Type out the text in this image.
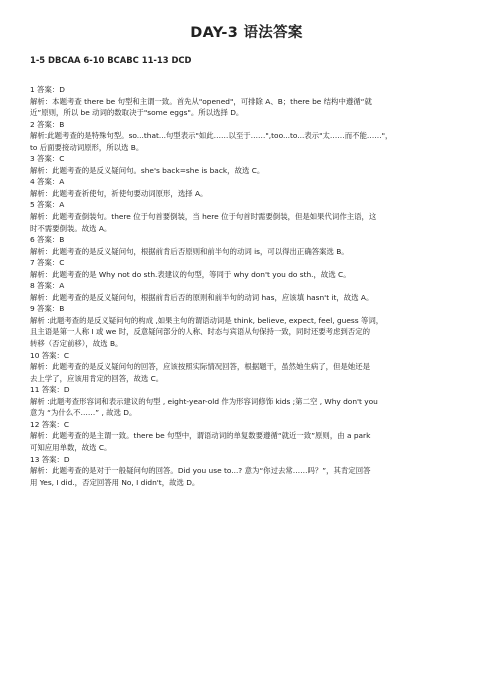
DAY-3 语法答案
1-5 DBCAA 6-10 BCABC 11-13 DCD
1 答案：D
解析：本题考查 there be 句型和主谓一致。首先从"opened"，可排除 A、B；there be 结构中遵循“就
近”原则，所以 be 动词的数取决于"some eggs"。所以选择 D。
2 答案：B
解析:此题考查的是特殊句型。so...that...句型表示"如此……以至于……",too...to...表示"太……而不能……"，
to 后面要接动词原形，所以选 B。
3 答案：C
解析：此题考查的是反义疑问句。she's back=she is back，故选 C。
4 答案：A
解析：此题考查祈使句，祈使句要动词原形，选择 A。
5 答案：A
解析：此题考查倒装句。there 位于句首要倒装，当 here 位于句首时需要倒装，但是如果代词作主语，这
时不需要倒装。故选 A。
6 答案：B
解析：此题考查的是反义疑问句，根据前肯后否原则和前半句的动词 is，可以得出正确答案选 B。
7 答案：C
解析：此题考查的是 Why not do sth.表建议的句型，等同于 why don't you do sth.，故选 C。
8 答案：A
解析：此题考查的是反义疑问句，根据前肯后否的原则和前半句的动词 has，应该填 hasn't it，故选 A。
9 答案：B
解析 :此题考查的是反义疑问句的构成 ,如果主句的谓语动词是 think, believe, expect, feel, guess 等词，
且主语是第一人称 I 或 we 时，反意疑问部分的人称、时态与宾语从句保持一致，同时还要考虑到否定的
转移（否定前移），故选 B。
10 答案：C
解析：此题考查的是反义疑问句的回答，应该按照实际情况回答，根据题干，虽然她生病了，但是她还是
去上学了，应该用肯定的回答，故选 C。
11 答案：D
解析 :此题考查形容词和表示建议的句型 , eight-year-old 作为形容词修饰 kids ;第二空 , Why don't you
意为 “为什么不……” , 故选 D。
12 答案：C
解析：此题考查的是主谓一致。there be 句型中，谓语动词的单复数要遵循“就近一致”原则，由 a park
可知应用单数，故选 C。
13 答案：D
解析：此题考查的是对于一般疑问句的回答。Did you use to...? 意为“你过去常……吗？”，其肯定回答
用 Yes, I did.，否定回答用 No, I didn't，故选 D。
